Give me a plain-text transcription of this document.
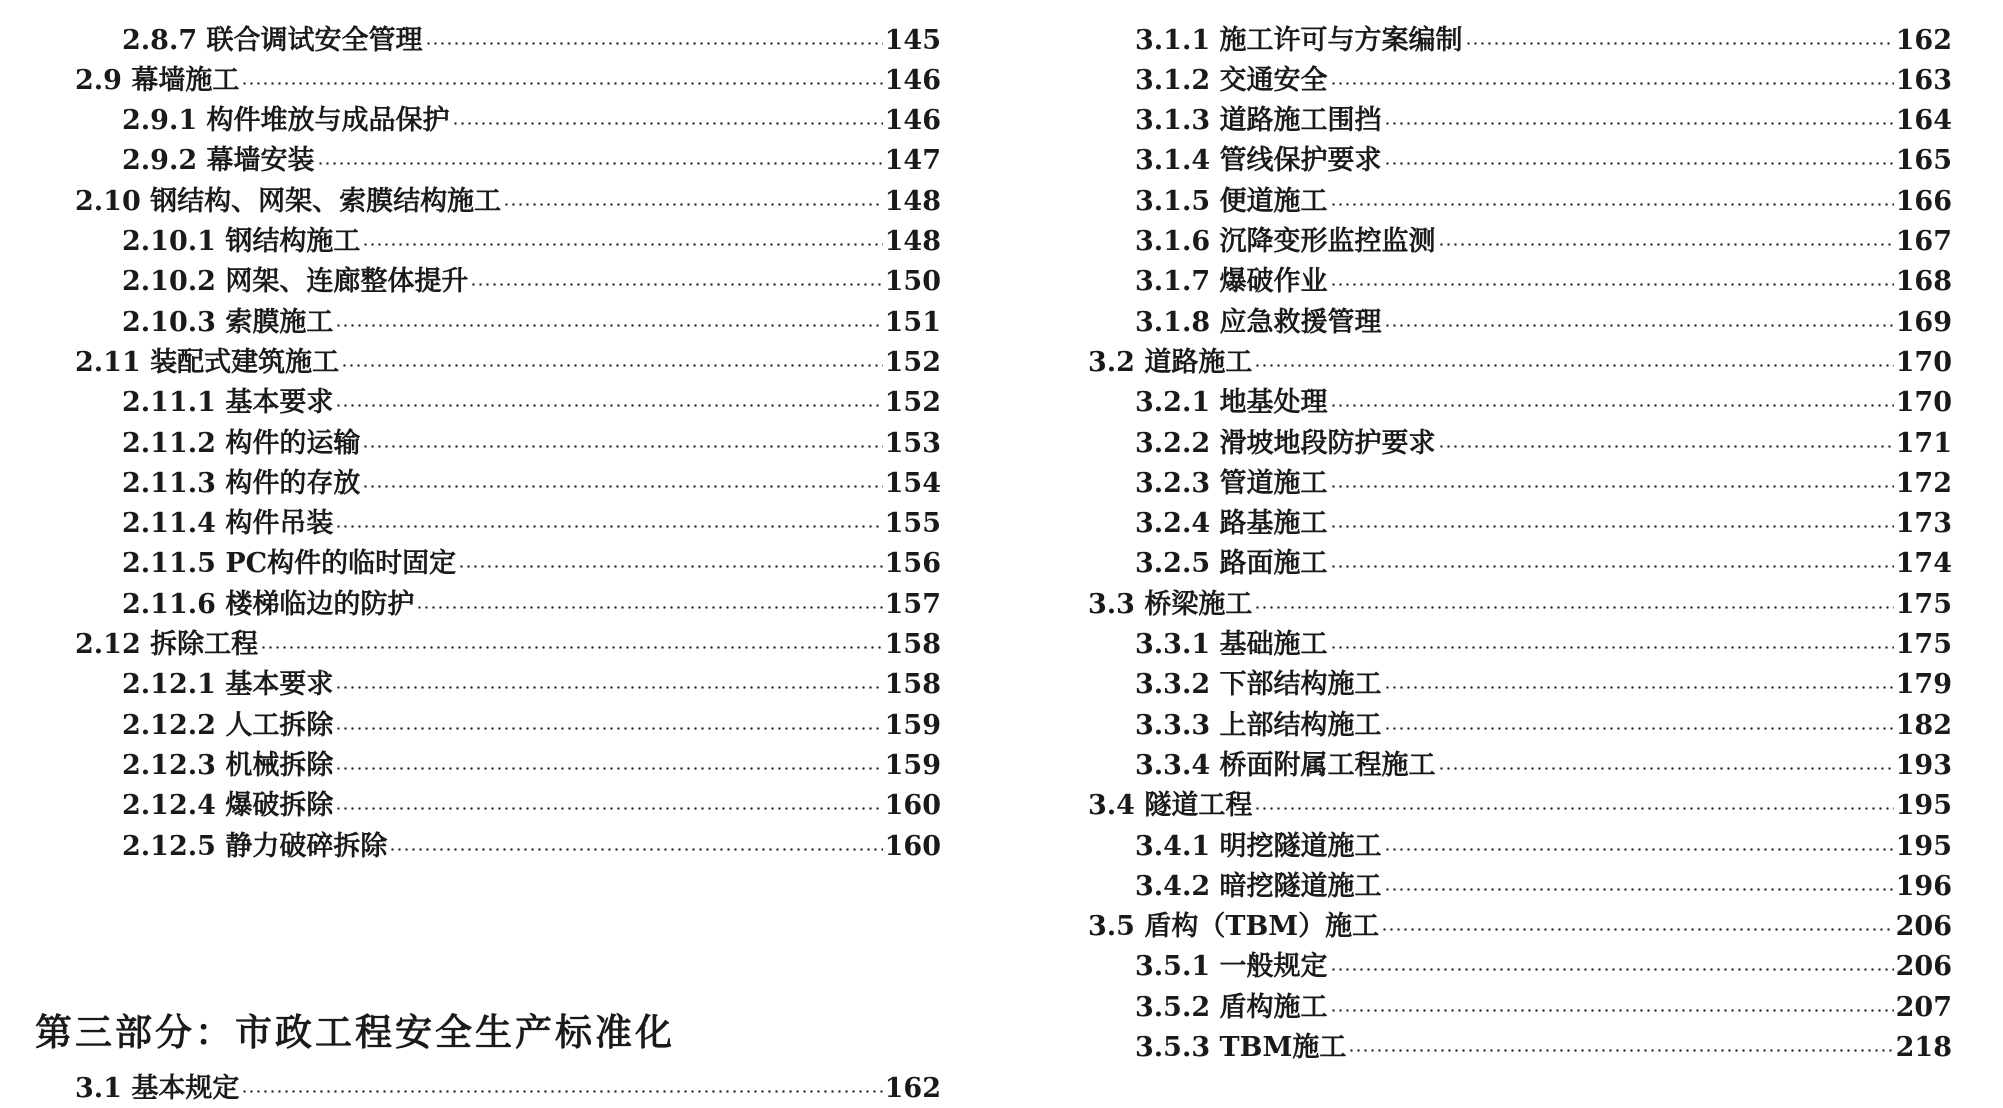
2.8.7 联合调试安全管理	145
2.9 幕墙施工	146
2.9.1 构件堆放与成品保护	146
2.9.2 幕墙安装	147
2.10 钢结构、网架、索膜结构施工	148
2.10.1 钢结构施工	148
2.10.2 网架、连廊整体提升	150
2.10.3 索膜施工	151
2.11 装配式建筑施工	152
2.11.1 基本要求	152
2.11.2 构件的运输	153
2.11.3 构件的存放	154
2.11.4 构件吊装	155
2.11.5 PC构件的临时固定	156
2.11.6 楼梯临边的防护	157
2.12 拆除工程	158
2.12.1 基本要求	158
2.12.2 人工拆除	159
2.12.3 机械拆除	159
2.12.4 爆破拆除	160
2.12.5 静力破碎拆除	160
3.1 基本规定	162
第三部分：市政工程安全生产标准化
3.1.1 施工许可与方案编制	162
3.1.2 交通安全	163
3.1.3 道路施工围挡	164
3.1.4 管线保护要求	165
3.1.5 便道施工	166
3.1.6 沉降变形监控监测	167
3.1.7 爆破作业	168
3.1.8 应急救援管理	169
3.2 道路施工	170
3.2.1 地基处理	170
3.2.2 滑坡地段防护要求	171
3.2.3 管道施工	172
3.2.4 路基施工	173
3.2.5 路面施工	174
3.3 桥梁施工	175
3.3.1 基础施工	175
3.3.2 下部结构施工	179
3.3.3 上部结构施工	182
3.3.4 桥面附属工程施工	193
3.4 隧道工程	195
3.4.1 明挖隧道施工	195
3.4.2 暗挖隧道施工	196
3.5 盾构（TBM）施工	206
3.5.1 一般规定	206
3.5.2 盾构施工	207
3.5.3 TBM施工	218
